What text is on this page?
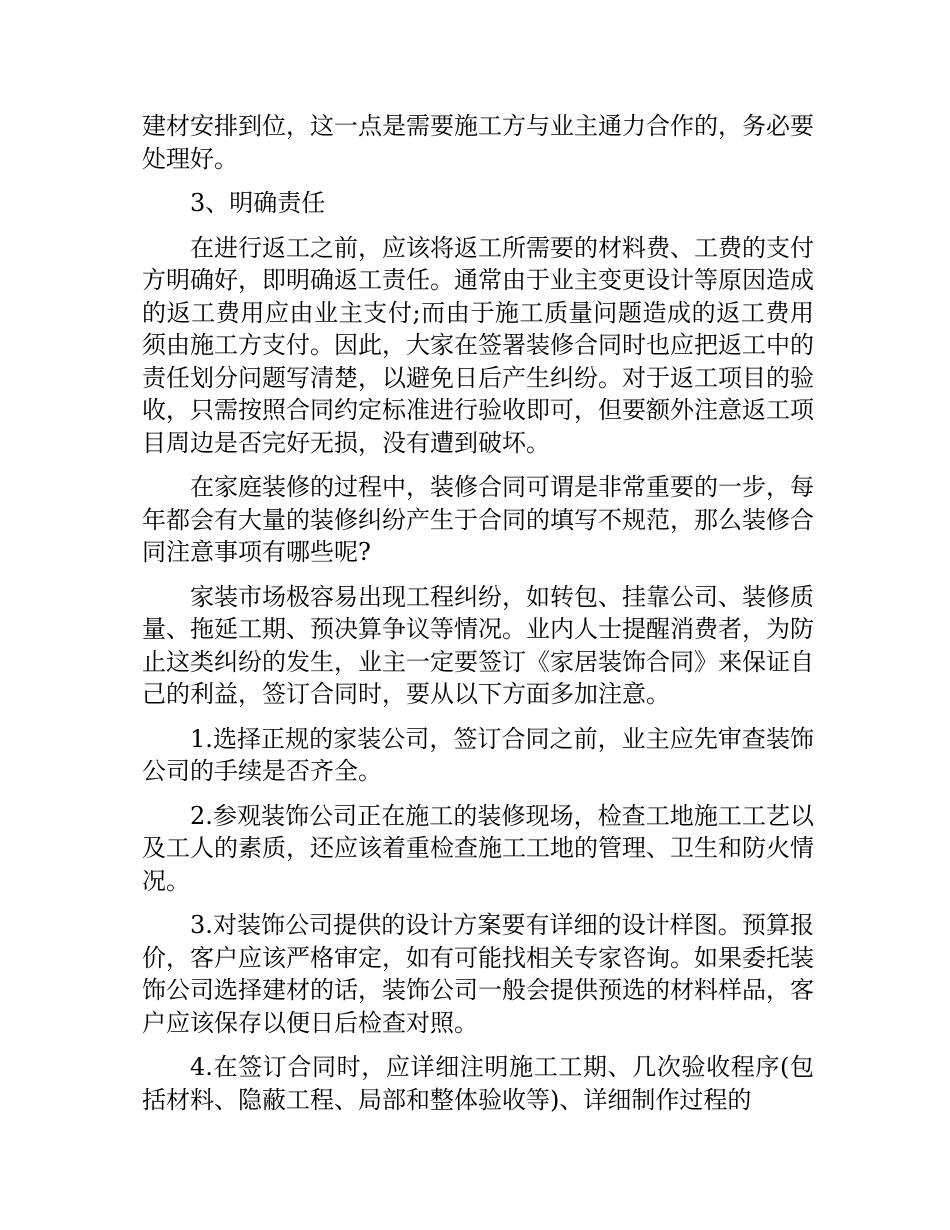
建材安排到位，这一点是需要施工方与业主通力合作的，务必要处理好。

3、明确责任

在进行返工之前，应该将返工所需要的材料费、工费的支付方明确好，即明确返工责任。通常由于业主变更设计等原因造成的返工费用应由业主支付;而由于施工质量问题造成的返工费用须由施工方支付。因此，大家在签署装修合同时也应把返工中的责任划分问题写清楚，以避免日后产生纠纷。对于返工项目的验收，只需按照合同约定标准进行验收即可，但要额外注意返工项目周边是否完好无损，没有遭到破坏。

在家庭装修的过程中，装修合同可谓是非常重要的一步，每年都会有大量的装修纠纷产生于合同的填写不规范，那么装修合同注意事项有哪些呢?

家装市场极容易出现工程纠纷，如转包、挂靠公司、装修质量、拖延工期、预决算争议等情况。业内人士提醒消费者，为防止这类纠纷的发生，业主一定要签订《家居装饰合同》来保证自己的利益，签订合同时，要从以下方面多加注意。

1.选择正规的家装公司，签订合同之前，业主应先审查装饰公司的手续是否齐全。

2.参观装饰公司正在施工的装修现场，检查工地施工工艺以及工人的素质，还应该着重检查施工工地的管理、卫生和防火情况。

3.对装饰公司提供的设计方案要有详细的设计样图。预算报价，客户应该严格审定，如有可能找相关专家咨询。如果委托装饰公司选择建材的话，装饰公司一般会提供预选的材料样品，客户应该保存以便日后检查对照。

4.在签订合同时，应详细注明施工工期、几次验收程序(包括材料、隐蔽工程、局部和整体验收等)、详细制作过程的
